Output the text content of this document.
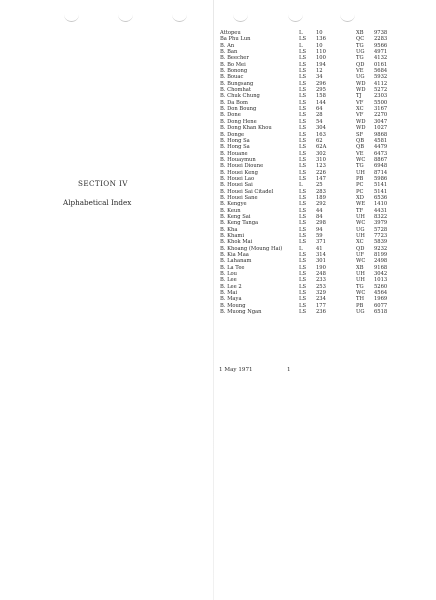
SECTION IV

Alphabetical Index

Attopeu	L	10	XB 9738
Ba Phu Lun	LS 136	QC 2283
B. An	L	10	TG 9566
B. Ban	LS 110	UG 4971
B. Beecher	LS 100	TG 4132
B. Bo Mei	LS 194	QD 0161
B. Bonong	LS 12	VE 5684
B. Bouac	LS 34	UG 5932
B. Bungsang	LS 296	WD 4112
B. Chomhat	LS 295	WD 5272
B. Chuk Chung	LS 158	TJ 2303
B. Da Bom	LS 144	VF 5500
B. Don Boung	LS 64	XC 3167
B. Done	LS 28	VF 2270
B. Dong Hene	LS 54	WD 3047
B. Dong Khan Khou	LS 304	WD 1027
B. Donge	LS 163	SF 9868
B. Hong Sa	LS 62	QB 4581
B. Hong Sa	LS 62A	QB 4479
B. Houane	LS 302	VE 6473
B. Houaymun	LS 310	WC 8867
B. Houei Dioune	LS 123	TG 6948
B. Houei Keng	LS 226	UH 8714
B. Houei Lao	LS 147	PB 5986
B. Houei Sai	L	25	PC 5141
B. Houei Sai Citadel	LS 283	PC 5141
B. Houei Sane	LS 189	XD 6536
B. Kengye	LS 292	WE 1410
B. Keun	LS 44	TF 4431
B. Keng Sai	LS 84	UH 8322
B. Keng Tanga	LS 298	WC 3979
B. Kha	LS 94	UG 5728
B. Khami	LS 59	UH 7723
B. Khok Mai	LS 371	XC 5839
B. Khoang (Moung Hai)	L	41	QD 9232
B. Kia Maa	LS 314	UF 8199
B. Lahanam	LS 301	WC 2498
B. La Tee	LS 190	XB 9168
B. Lou	LS 248	UH 3042
B. Lee	LS 233	UH 1013
B. Lee 2	LS 253	TG 5260
B. Mai	LS 329	WC 4564
B. Maya	LS 234	TH 1969
B. Moung	LS 177	PB 6077
B. Muong Ngan	LS 236	UG 6518
1 May 1971	1
